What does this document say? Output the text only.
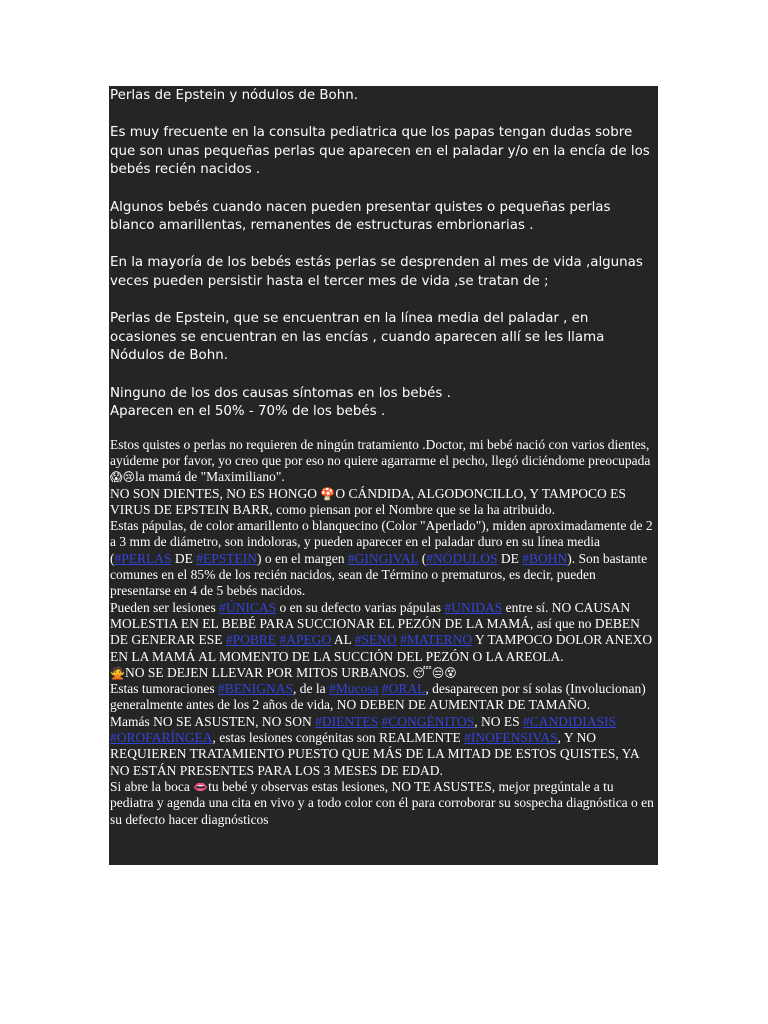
Perlas de Epstein y nódulos de Bohn.

Es muy frecuente en la consulta pediatrica que los papas tengan dudas sobre que son unas pequeñas perlas que aparecen en el paladar y/o en la encía de los bebés recién nacidos .

Algunos bebés cuando nacen pueden presentar quistes o pequeñas perlas blanco amarillentas, remanentes de estructuras embrionarias .

En la mayoría de los bebés estás perlas se desprenden al mes de vida ,algunas veces pueden persistir hasta el tercer mes de vida ,se tratan de ;

Perlas de Epstein, que se encuentran en la línea media del paladar , en ocasiones se encuentran en las encías , cuando aparecen allí se les llama Nódulos de Bohn.

Ninguno de los dos causas síntomas en los bebés .
Aparecen en el 50% - 70% de los bebés .

Estos quistes o perlas no requieren de ningún tratamiento .Doctor, mi bebé nació con varios dientes, ayúdeme por favor, yo creo que por eso no quiere agarrarme el pecho, llegó diciéndome preocupada 😱😢la mamá de "Maximiliano".

NO SON DIENTES, NO ES HONGO 🍄O CÁNDIDA, ALGODONCILLO, Y TAMPOCO ES VIRUS DE EPSTEIN BARR, como piensan por el Nombre que se la ha atribuido.

Estas pápulas, de color amarillento o blanquecino (Color "Aperlado"), miden aproximadamente de 2 a 3 mm de diámetro, son indoloras, y pueden aparecer en el paladar duro en su línea media (#PERLAS DE #EPSTEIN) o en el margen #GINGIVAL (#NÓDULOS DE #BOHN). Son bastante comunes en el 85% de los recién nacidos, sean de Término o prematuros, es decir, pueden presentarse en 4 de 5 bebés nacidos.

Pueden ser lesiones #ÚNICAS o en su defecto varias pápulas #UNIDAS entre sí. NO CAUSAN MOLESTIA EN EL BEBÉ PARA SUCCIONAR EL PEZÓN DE LA MAMÁ, así que no DEBEN DE GENERAR ESE #POBRE #APEGO AL #SENO #MATERNO Y TAMPOCO DOLOR ANEXO EN LA MAMÁ AL MOMENTO DE LA SUCCIÓN DEL PEZÓN O LA AREOLA.

🙅NO SE DEJEN LLEVAR POR MITOS URBANOS. 😴😒😵

Estas tumoraciones #BENIGNAS, de la #Mucosa #ORAL, desaparecen por sí solas (Involucionan) generalmente antes de los 2 años de vida, NO DEBEN DE AUMENTAR DE TAMAÑO.

Mamás NO SE ASUSTEN, NO SON #DIENTES #CONGÉNITOS, NO ES #CANDIDIASIS #OROFARÍNGEA, estas lesiones congénitas son REALMENTE #INOFENSIVAS, Y NO REQUIEREN TRATAMIENTO PUESTO QUE MÁS DE LA MITAD DE ESTOS QUISTES, YA NO ESTÁN PRESENTES PARA LOS 3 MESES DE EDAD.

Si abre la boca 👄tu bebé y observas estas lesiones, NO TE ASUSTES, mejor pregúntale a tu pediatra y agenda una cita en vivo y a todo color con él para corroborar su sospecha diagnóstica o en su defecto hacer diagnósticos
